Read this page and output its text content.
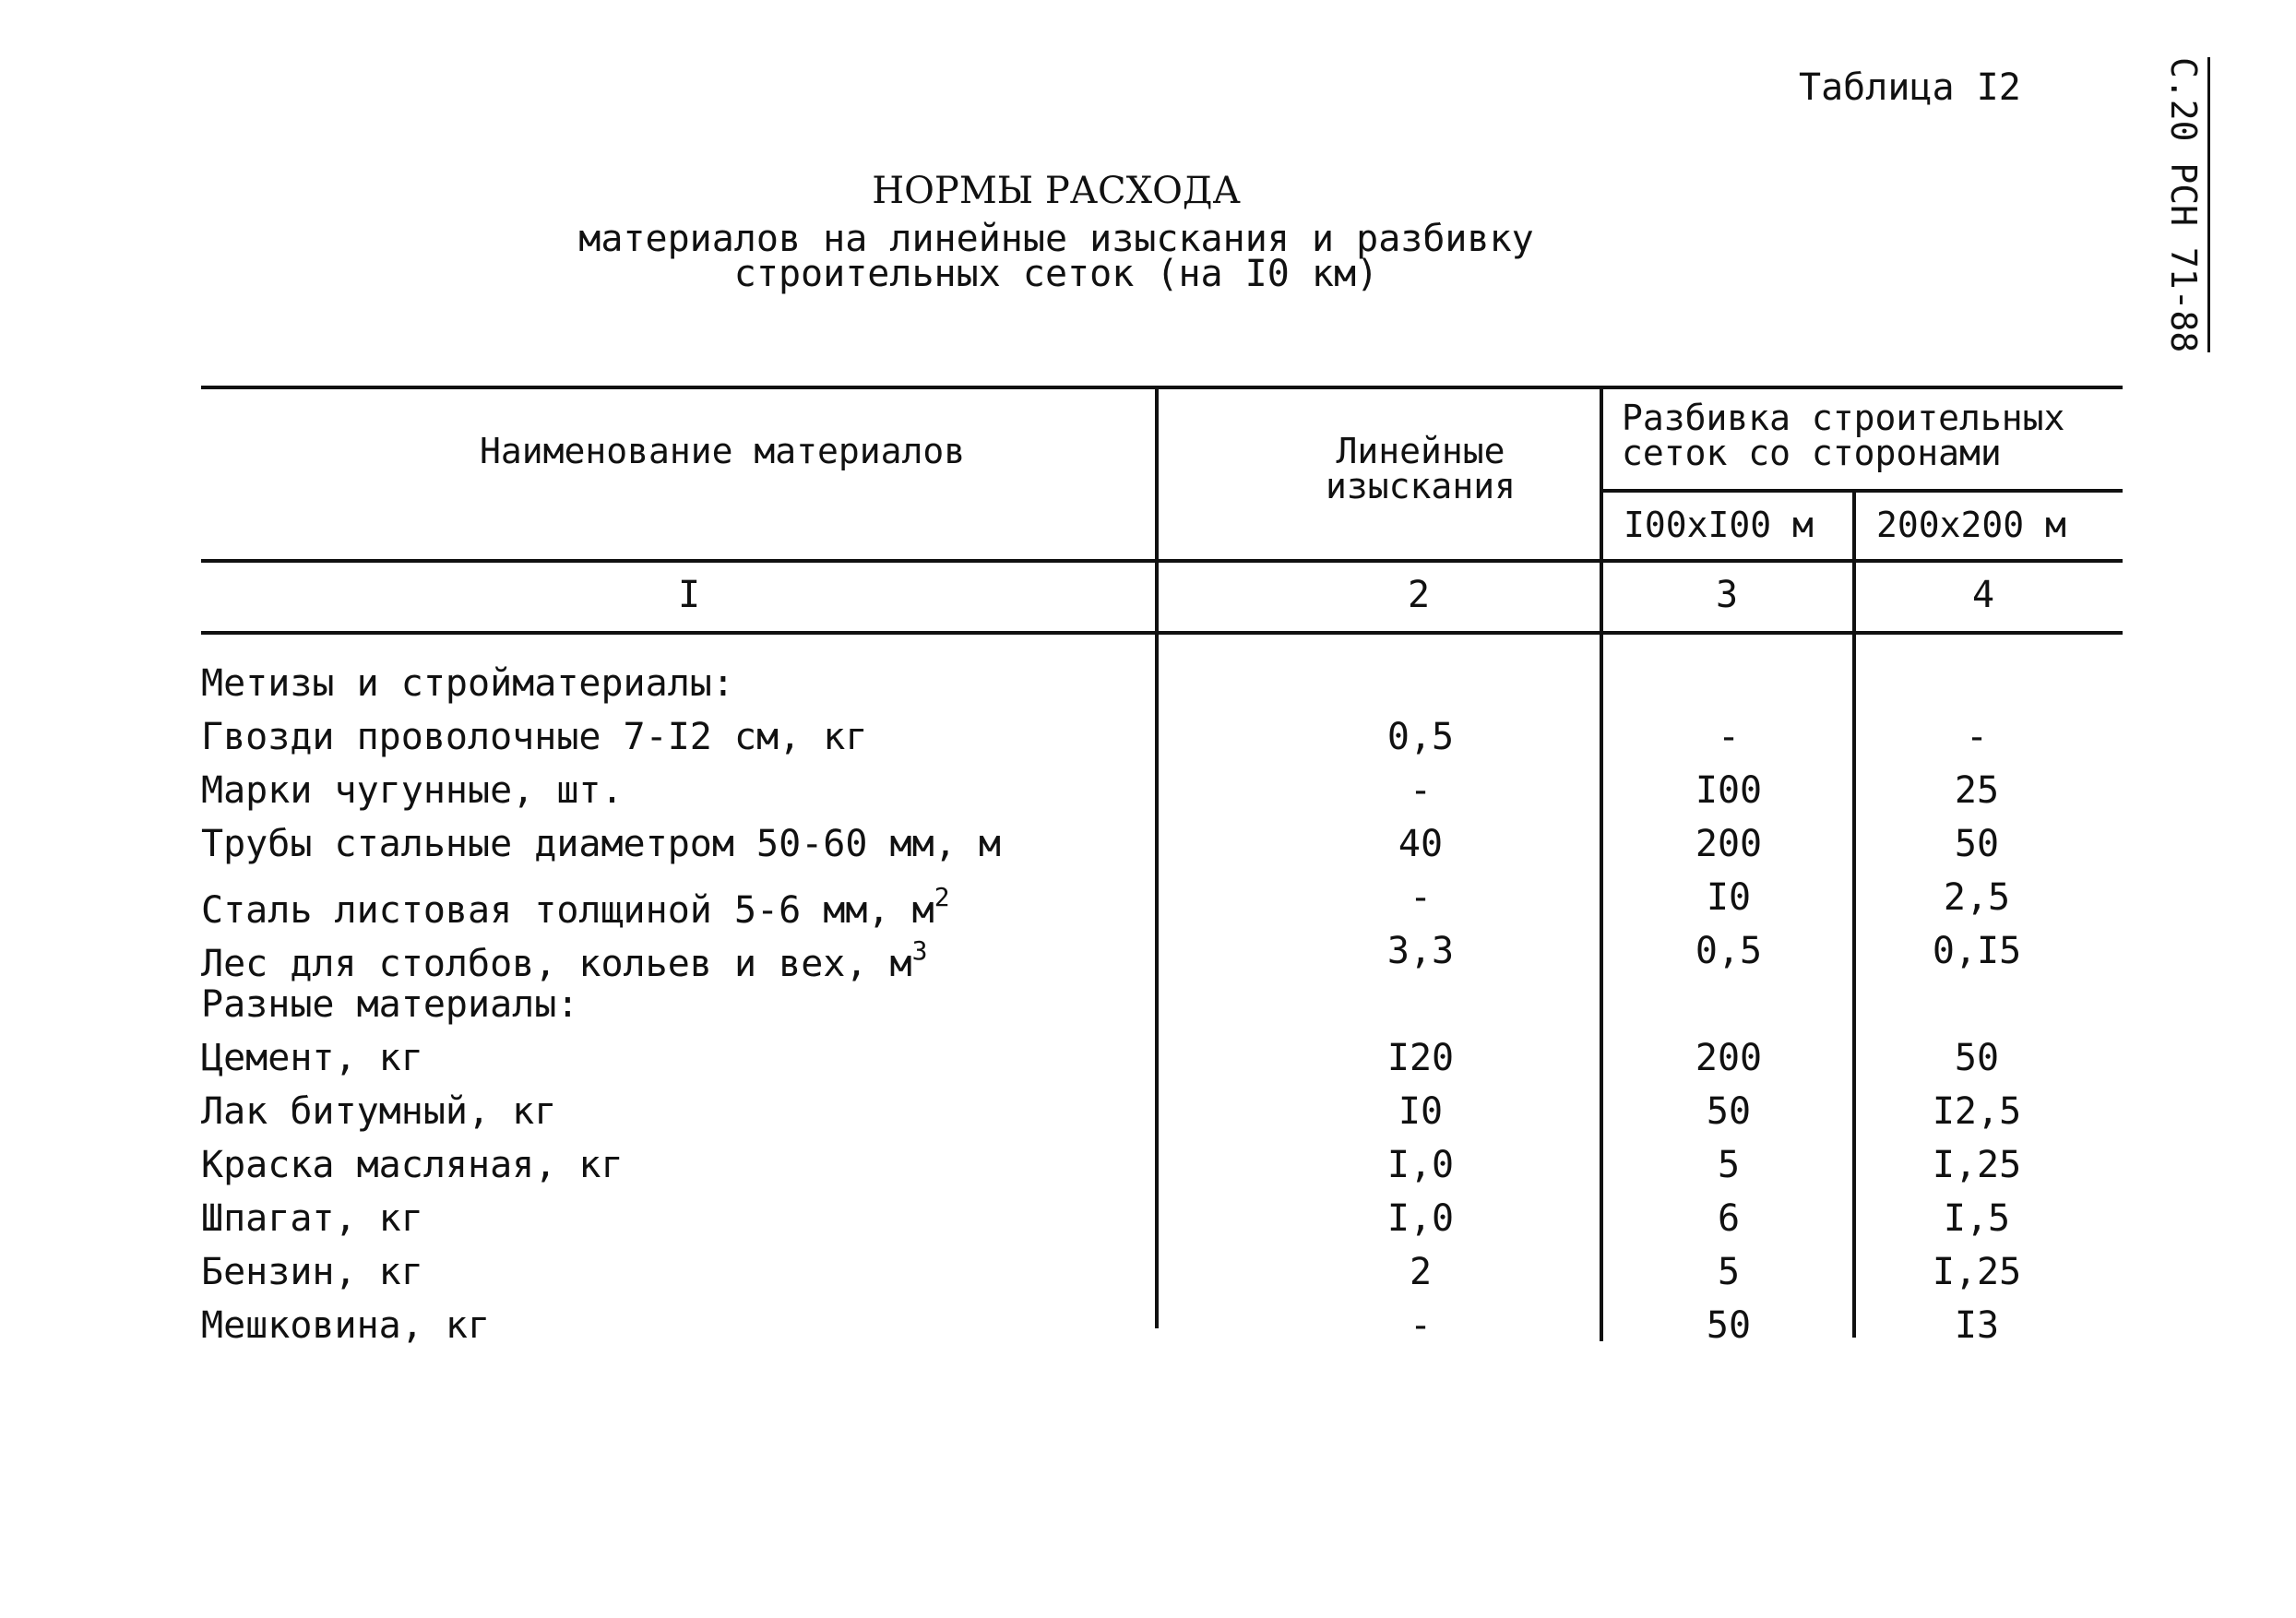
Таблица I2	С.20 РСН 71-88
НОРМЫ РАСХОДА
материалов на линейные изыскания и разбивку
строительных сеток (на I0 км)
Наименование материалов	Линейные
изыскания
Разбивка строительных
сеток со сторонами
I00xI00 м 200x200 м
I	2	3	4
Метизы и стройматериалы:
Гвозди проволочные 7-I2 см, кг	0,5	-	-
Марки чугунные, шт.	-	I00	25
Трубы стальные диаметром 50-60 мм, м	40	200	50
Сталь листовая толщиной 5-6 мм, $м^2$	-	I0	2,5
Лес для столбов, кольев и вех, $м^3$	3,3	0,5	0,I5
Разные материалы:
Цемент, кг	I20	200	50
Лак битумный, кг	I0	50	I2,5
Краска масляная, кг	I,0	5	I,25
Шпагат, кг	I,0	6	I,5
Бензин, кг	2	5	I,25
Мешковина, кг	-	50	I3
